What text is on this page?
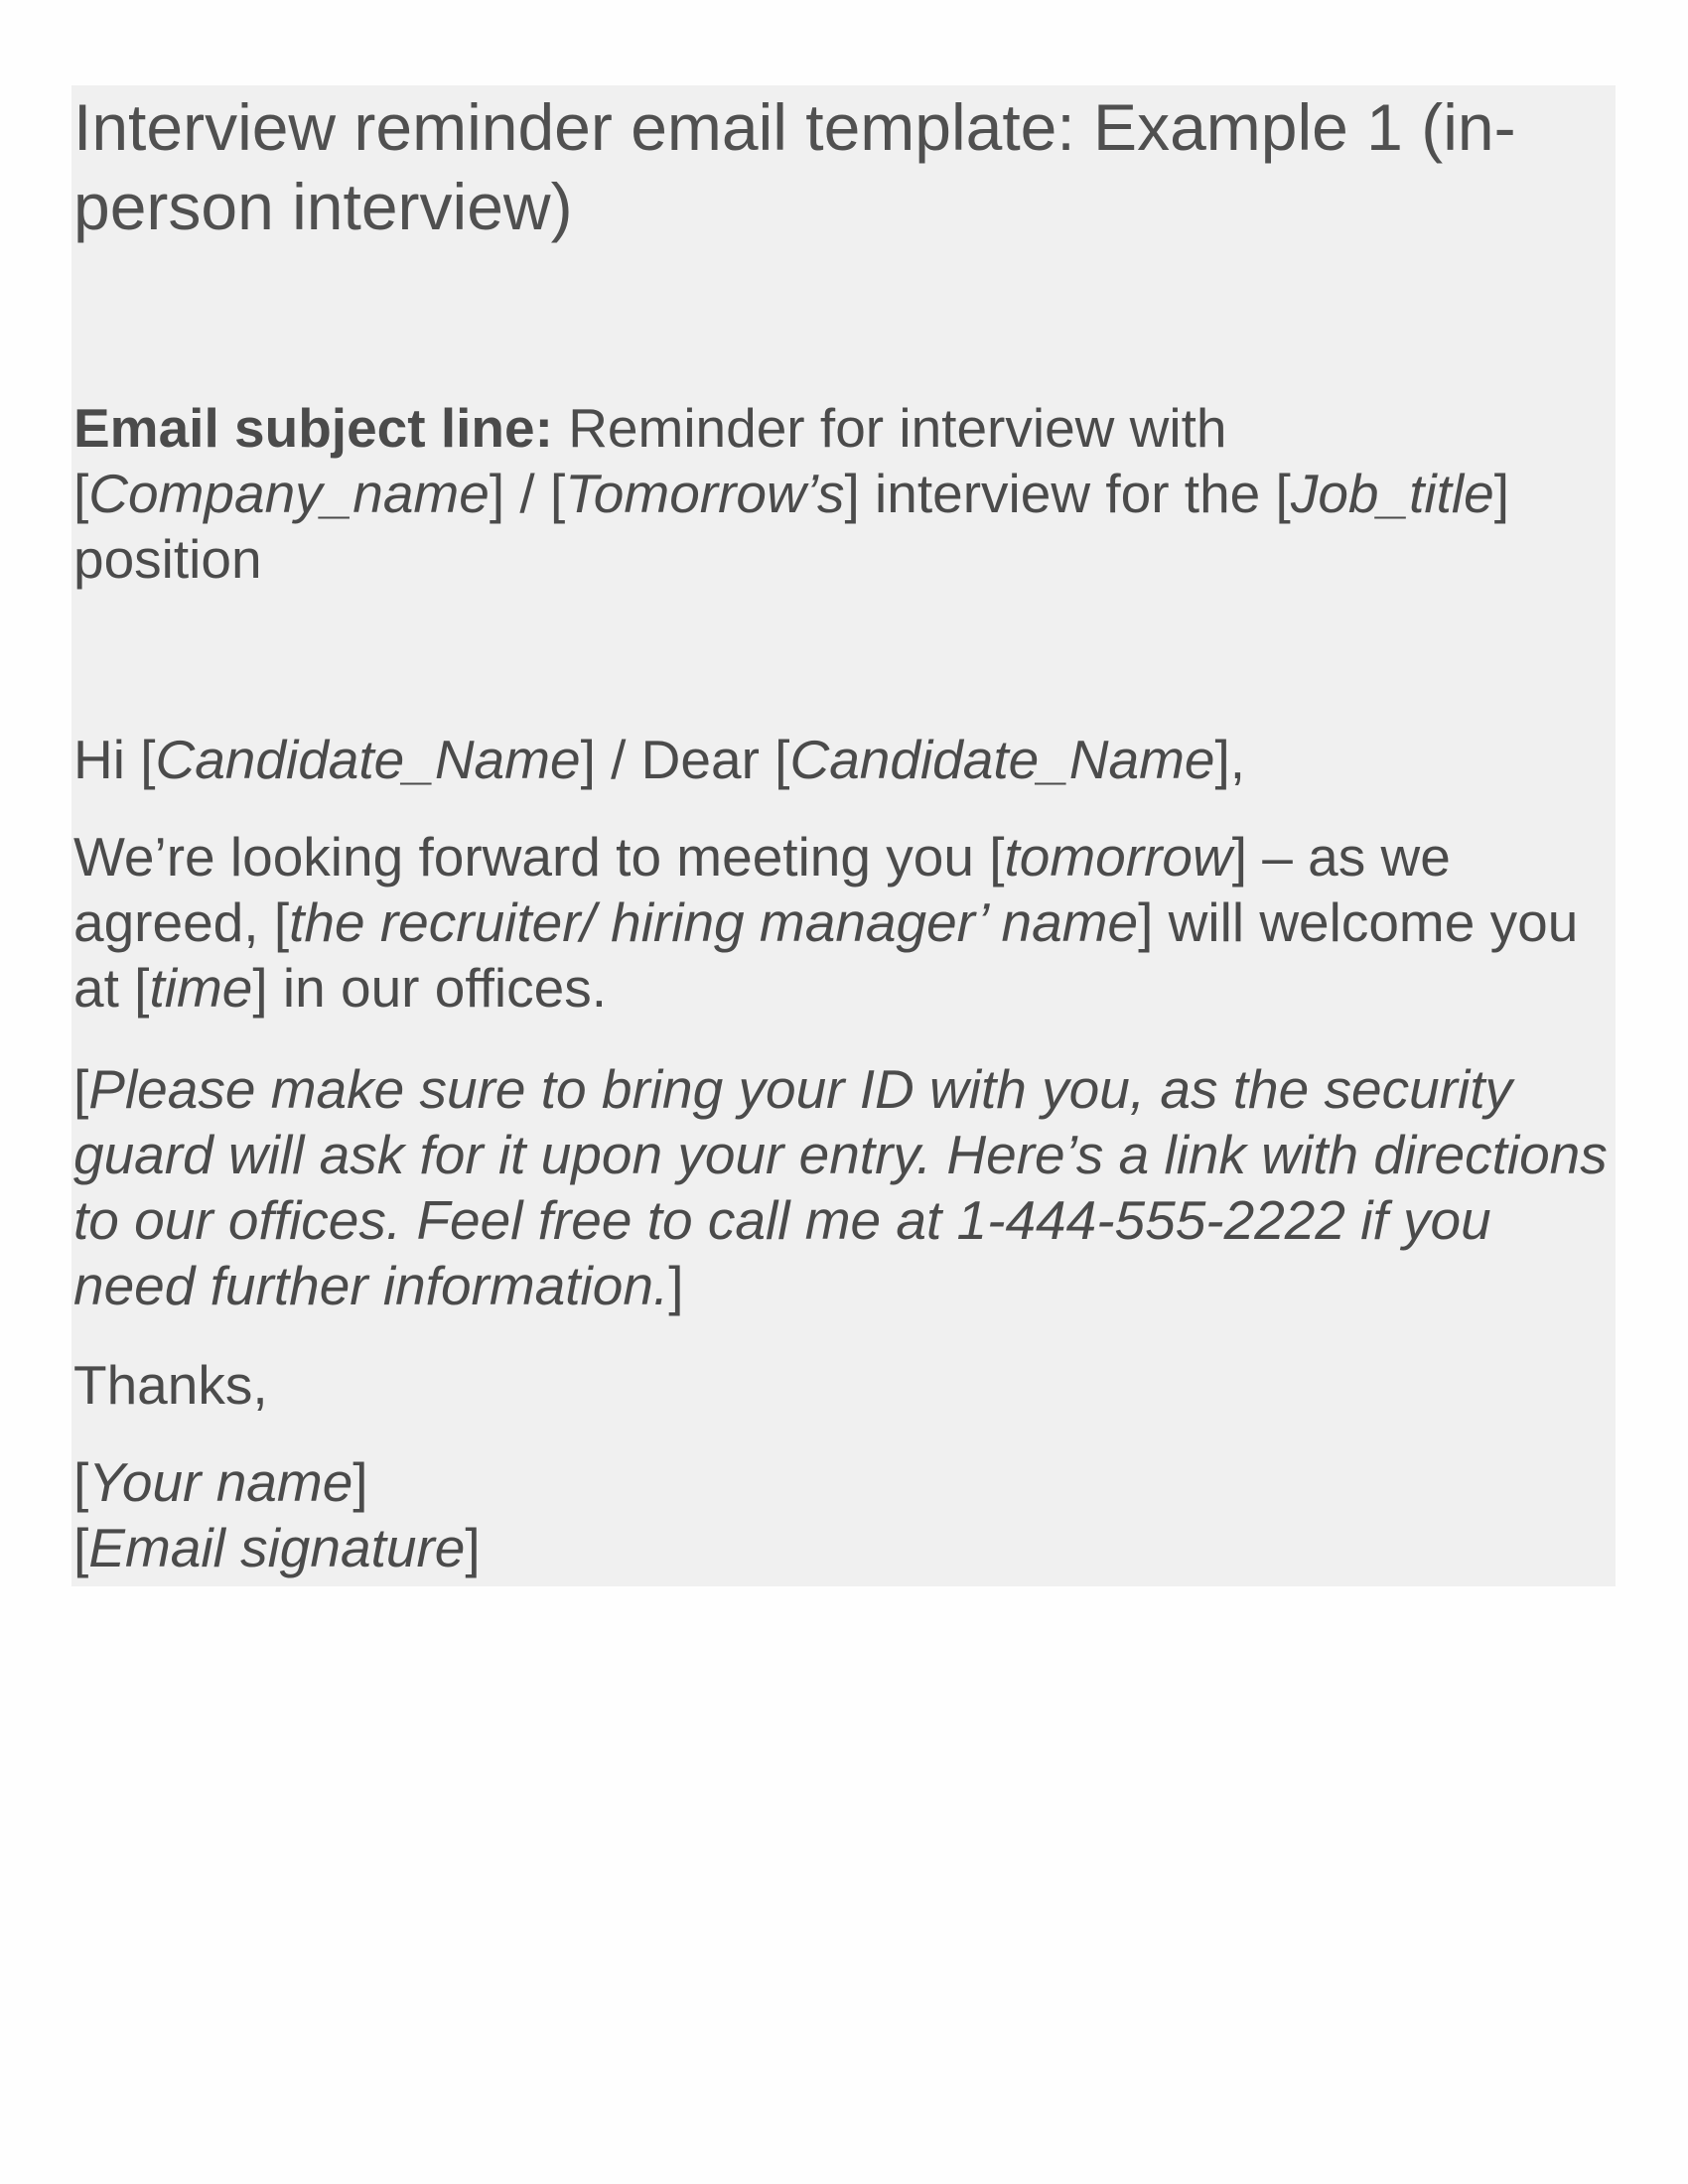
Interview reminder email template: Example 1 (in-person interview)

Email subject line: Reminder for interview with [Company_name] / [Tomorrow’s] interview for the [Job_title] position

Hi [Candidate_Name] / Dear [Candidate_Name],

We’re looking forward to meeting you [tomorrow] – as we agreed, [the recruiter/ hiring manager’ name] will welcome you at [time] in our offices.

[Please make sure to bring your ID with you, as the security guard will ask for it upon your entry. Here’s a link with directions to our offices. Feel free to call me at 1-444-555-2222 if you need further information.]

Thanks,

[Your name]
[Email signature]
